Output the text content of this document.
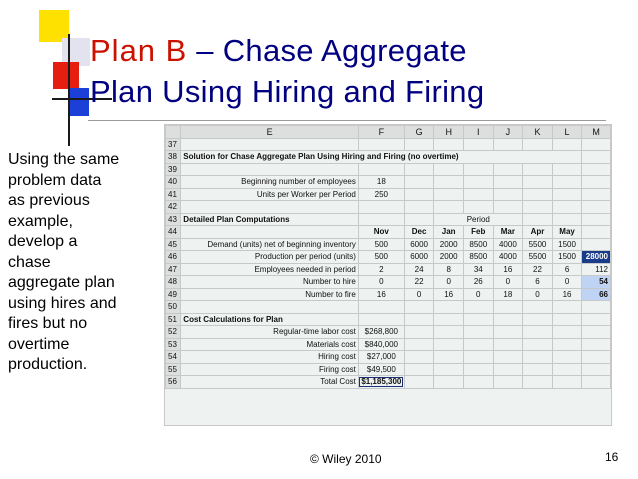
Plan B – Chase Aggregate
Plan Using Hiring and Firing

Using the same
problem data
as previous
example,
develop a
chase
aggregate plan
using hires and
fires but no
overtime
production.

	E	F	G	H	I	J	K	L	M
37									
38	Solution for Chase Aggregate Plan Using Hiring and Firing (no overtime)								
39									
40	Beginning number of employees	18							
41	Units per Worker per Period	250							
42									
43	Detailed Plan Computations			Period					
44		Nov	Dec	Jan	Feb	Mar	Apr	May	
45	Demand (units) net of beginning inventory	500	6000	2000	8500	4000	5500	1500	
46	Production per period (units)	500	6000	2000	8500	4000	5500	1500	28000
47	Employees needed in period	2	24	8	34	16	22	6	112
48	Number to hire	0	22	0	26	0	6	0	54
49	Number to fire	16	0	16	0	18	0	16	66
50									
51	Cost Calculations for Plan								
52	Regular-time labor cost	$268,800							
53	Materials cost	$840,000							
54	Hiring cost	$27,000							
55	Firing cost	$49,500							
56	Total Cost	$1,185,300							
© Wiley 2010	16
